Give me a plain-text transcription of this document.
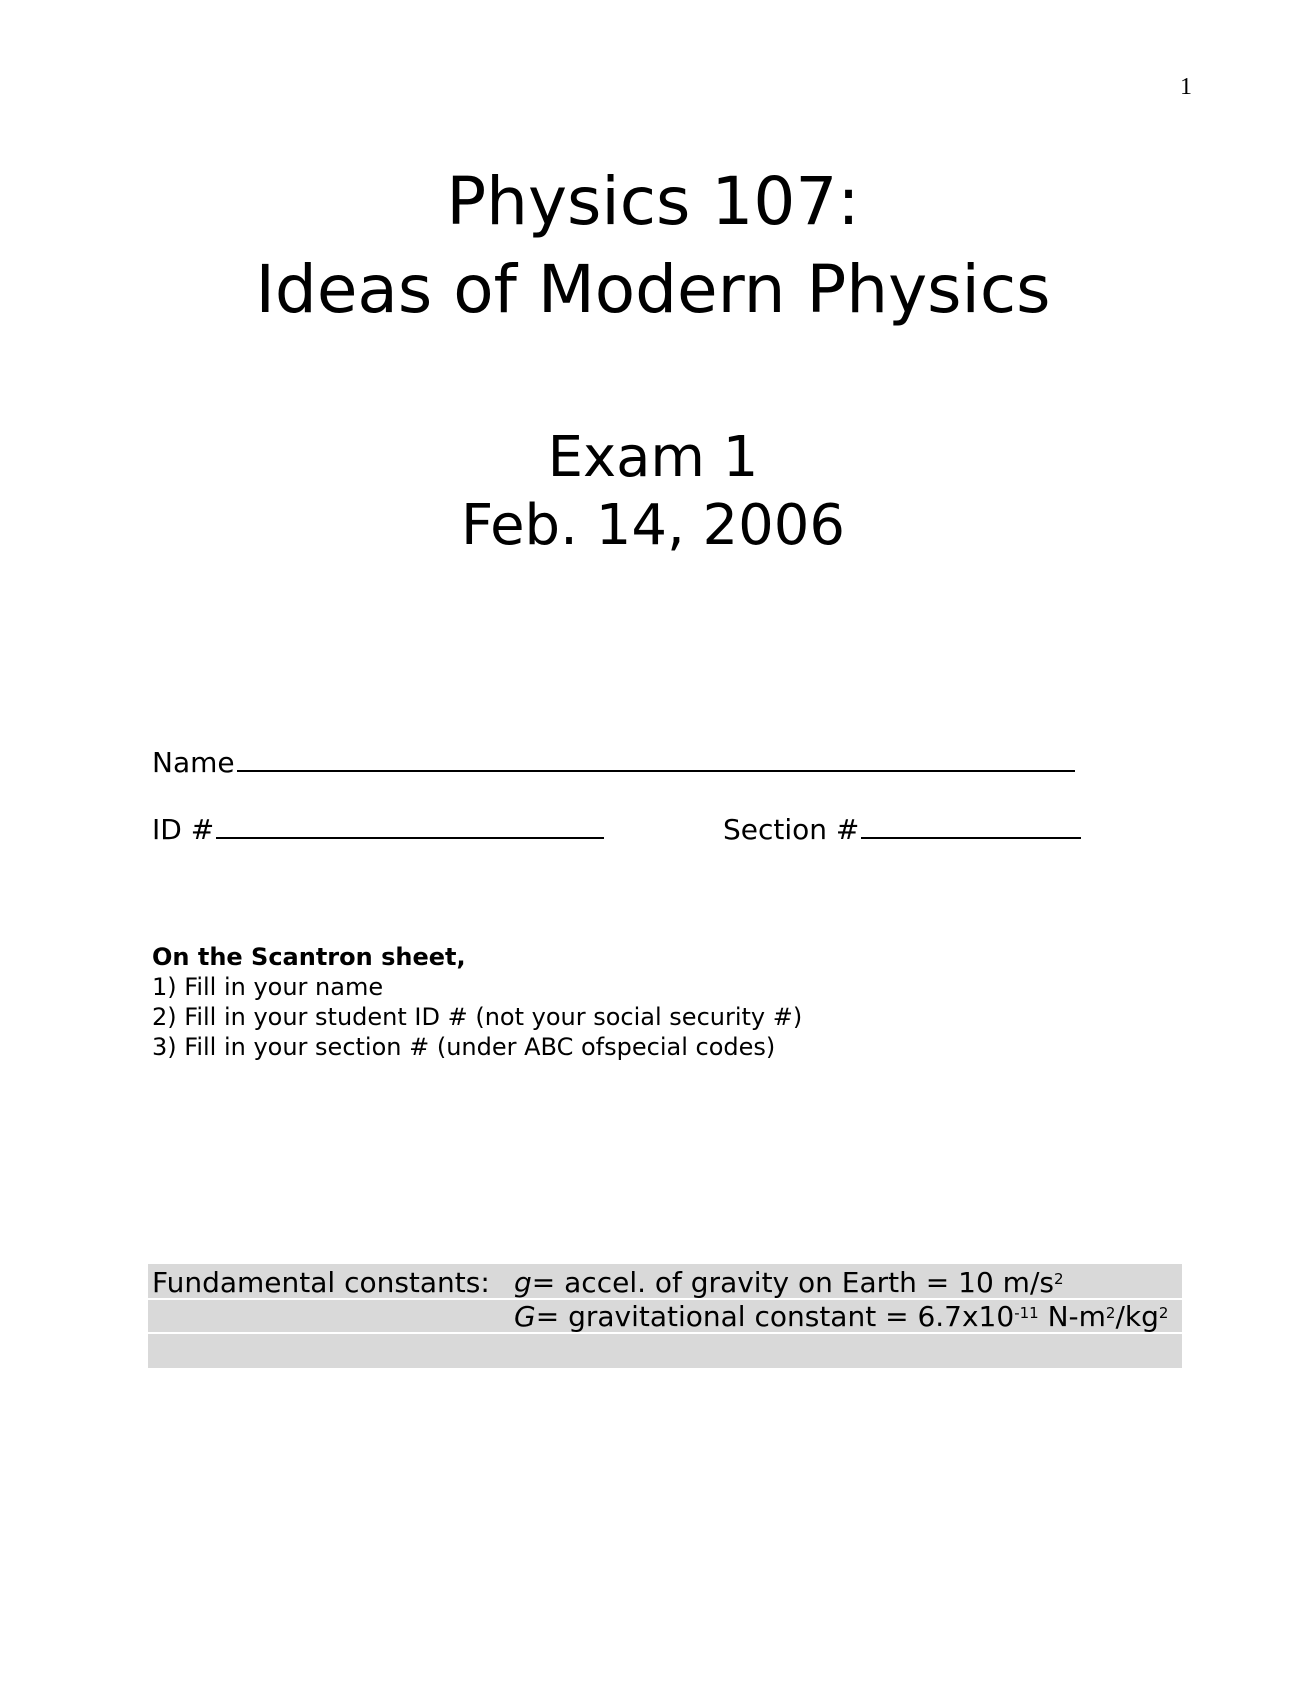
1
Physics 107:
Ideas of Modern Physics
Exam 1
Feb. 14, 2006
Name
ID #	Section #
On the Scantron sheet,
1) Fill in your name
2) Fill in your student ID # (not your social security #)
3) Fill in your section # (under ABC ofspecial codes)
Fundamental constants: g= accel. of gravity on Earth = 10 $m/s^2$
G= gravitational constant = $6.7x10^{-11}$ $N-m^2/kg^2$
